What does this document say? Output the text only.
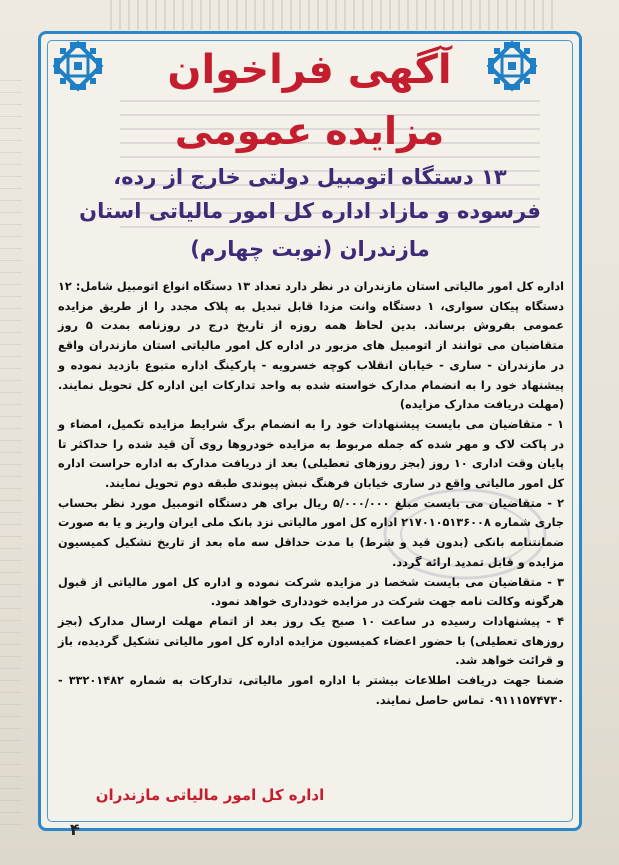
آگهی فراخوان
مزایده عمومی
۱۳ دستگاه اتومبیل دولتی خارج از رده،
فرسوده و مازاد اداره کل امور مالیاتی استان
مازندران (نوبت چهارم)

اداره کل امور مالیاتی استان مازندران در نظر دارد تعداد ۱۳ دستگاه انواع اتومبیل شامل: ۱۲ دستگاه پیکان سواری، ۱ دستگاه وانت مزدا قابل تبدیل به پلاک مجدد را از طریق مزایده عمومی بفروش برساند. بدین لحاظ همه روزه از تاریخ درج در روزنامه بمدت ۵ روز متقاضیان می توانند از اتومبیل های مزبور در اداره کل امور مالیاتی استان مازندران واقع در مازندران - ساری - خیابان انقلاب کوچه خسرویه - پارکینگ اداره متبوع بازدید نموده و پیشنهاد خود را به انضمام مدارک خواسته شده به واحد تدارکات این اداره کل تحویل نمایند. (مهلت دریافت مدارک مزایده)

۱ - متقاضیان می بایست پیشنهادات خود را به انضمام برگ شرایط مزایده تکمیل، امضاء و در پاکت لاک و مهر شده که جمله مربوط به مزایده خودروها روی آن قید شده را حداکثر تا پایان وقت اداری ۱۰ روز (بجز روزهای تعطیلی) بعد از دریافت مدارک به اداره حراست اداره کل امور مالیاتی واقع در ساری خیابان فرهنگ نبش پیوندی طبقه دوم تحویل نمایند.

۲ - متقاضیان می بایست مبلغ ۵/۰۰۰/۰۰۰ ریال برای هر دستگاه اتومبیل مورد نظر بحساب جاری شماره ۲۱۷۰۱۰۵۱۳۶۰۰۸ اداره کل امور مالیاتی نزد بانک ملی ایران واریز و یا به صورت ضمانتنامه بانکی (بدون قید و شرط) با مدت حداقل سه ماه بعد از تاریخ تشکیل کمیسیون مزایده و قابل تمدید ارائه گردد.

۳ - متقاضیان می بایست شخصا در مزایده شرکت نموده و اداره کل امور مالیاتی از قبول هرگونه وکالت نامه جهت شرکت در مزایده خودداری خواهد نمود.

۴ - پیشنهادات رسیده در ساعت ۱۰ صبح یک روز بعد از اتمام مهلت ارسال مدارک (بجز روزهای تعطیلی) با حضور اعضاء کمیسیون مزایده اداره کل امور مالیاتی تشکیل گردیده، باز و قرائت خواهد شد.

ضمنا جهت دریافت اطلاعات بیشتر با اداره امور مالیاتی، تدارکات به شماره ۳۳۲۰۱۴۸۲ - ۰۹۱۱۱۵۷۴۷۳۰ تماس حاصل نمایند.

اداره کل امور مالیاتی مازندران
۴
